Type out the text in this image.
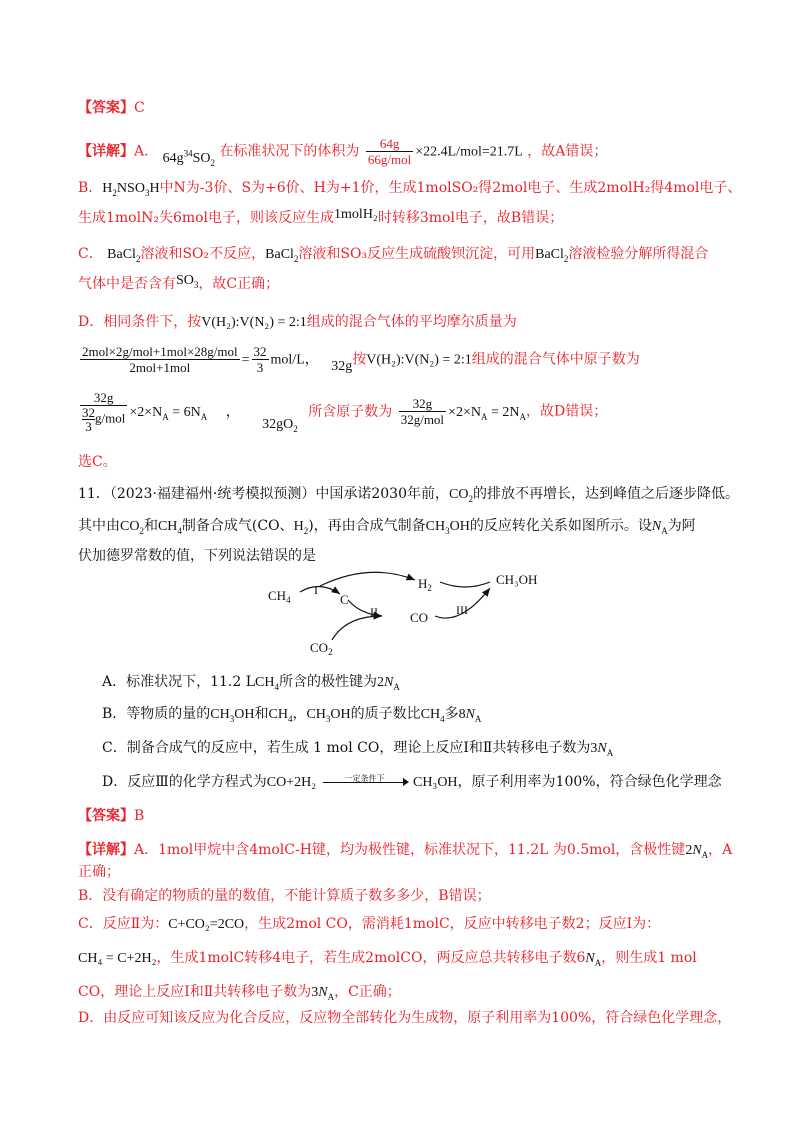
【答案】C
【详解】A． $64g^{34}SO_2$ 在标准状况下的体积为 $\frac{64g}{\text{66g/mol}} \times 22.4L/mol=21.7L$ ，故A错误；
B．$H_2NSO_3H$中N为-3价、S为+6价、H为+1价，生成1molSO₂得2mol电子、生成2molH₂得4mol电子、
生成1molN₂失6mol电子，则该反应生成1molH₂时转移3mol电子，故B错误；
C． BaCl$_2$溶液和SO₂不反应，BaCl$_2$溶液和SO₃反应生成硫酸钡沉淀，可用BaCl$_2$溶液检验分解所得混合
气体中是否含有$SO_3$，故C正确；
D．相同条件下，按V(H₂):V(N₂) = 2:1组成的混合气体的平均摩尔质量为
$\frac{\text{2mol×2g/mol+1mol×28g/mol}}{\text{2mol+1mol}} = \frac{32}{3} mol/L$， 32g按V(H₂):V(N₂) = 2:1组成的混合气体中原子数为
$\frac{32g}{\frac{32}{3} g/mol} \times 2\times N_A = 6N_A$ ， $32gO_2$ 所含原子数为 $\frac{32g}{\text{32g/mol}} \times 2\times N_A = 2N_A$，故D错误；
选C。
11．（2023·福建福州·统考模拟预测）中国承诺2030年前，$CO_2$的排放不再增长，达到峰值之后逐步降低。
其中由$CO_2$和$CH_4$制备合成气(CO、$H_2$)，再由合成气制备$CH_3OH$的反应转化关系如图所示。设$N_A$为阿
伏加德罗常数的值，下列说法错误的是
$CH_4$	C
$H_2$
CH₃OH
CO
$CO_2$
I
II	III
A．标准状况下，11.2 $LCH_4$所含的极性键为$2N_A$
B．等物质的量的$CH_3OH$和$CH_4$，$CH_3OH$的质子数比$CH_4$多$8N_A$
C．制备合成气的反应中，若生成 1 mol CO，理论上反应Ⅰ和Ⅱ共转移电子数为$3N_A$
D．反应Ⅲ的化学方程式为CO+2H₂	一定条件下	CH₃OH，原子利用率为100%，符合绿色化学理念
【答案】B
【详解】A．1mol甲烷中含4molC-H键，均为极性键，标准状况下，11.2L 为0.5mol，含极性键$2N_A$，A
正确；
B．没有确定的物质的量的数值，不能计算质子数多多少，B错误；
C．反应Ⅱ为：C+CO₂=2CO，生成2mol CO，需消耗1molC，反应中转移电子数2；反应Ⅰ为：
CH₄ = C+2H₂，生成1molC转移4电子，若生成2molCO，两反应总共转移电子数$6N_A$，则生成1 mol
CO，理论上反应Ⅰ和Ⅱ共转移电子数为$3N_A$，C正确；
D．由反应可知该反应为化合反应，反应物全部转化为生成物，原子利用率为100%，符合绿色化学理念，
